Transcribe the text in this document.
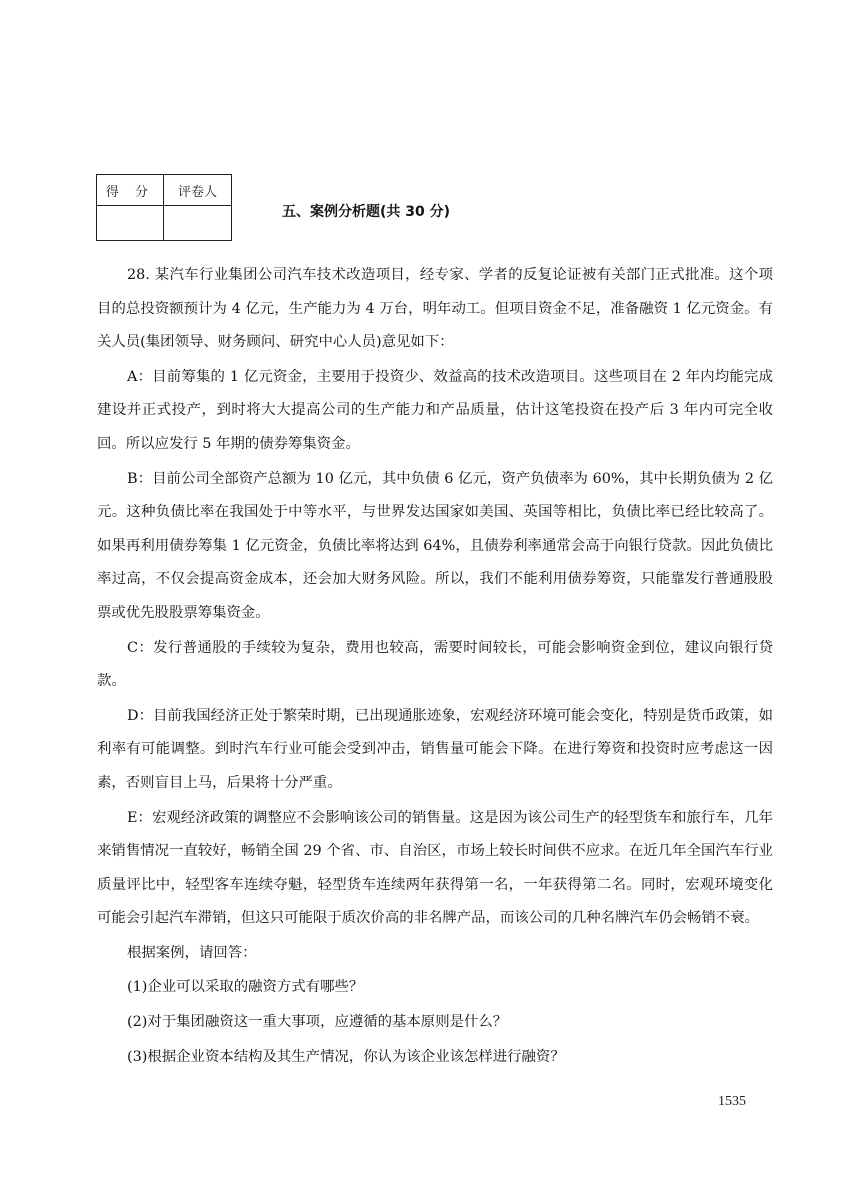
得 分	评卷人

五、案例分析题(共 30 分)

28. 某汽车行业集团公司汽车技术改造项目，经专家、学者的反复论证被有关部门正式批准。这个项目的总投资额预计为 4 亿元，生产能力为 4 万台，明年动工。但项目资金不足，准备融资 1 亿元资金。有关人员(集团领导、财务顾问、研究中心人员)意见如下：

A：目前筹集的 1 亿元资金，主要用于投资少、效益高的技术改造项目。这些项目在 2 年内均能完成建设并正式投产，到时将大大提高公司的生产能力和产品质量，估计这笔投资在投产后 3 年内可完全收回。所以应发行 5 年期的债券筹集资金。

B：目前公司全部资产总额为 10 亿元，其中负债 6 亿元，资产负债率为 60%，其中长期负债为 2 亿元。这种负债比率在我国处于中等水平，与世界发达国家如美国、英国等相比，负债比率已经比较高了。如果再利用债券筹集 1 亿元资金，负债比率将达到 64%，且债券利率通常会高于向银行贷款。因此负债比率过高，不仅会提高资金成本，还会加大财务风险。所以，我们不能利用债券筹资，只能靠发行普通股股票或优先股股票筹集资金。

C：发行普通股的手续较为复杂，费用也较高，需要时间较长，可能会影响资金到位，建议向银行贷款。

D：目前我国经济正处于繁荣时期，已出现通胀迹象，宏观经济环境可能会变化，特别是货币政策，如利率有可能调整。到时汽车行业可能会受到冲击，销售量可能会下降。在进行筹资和投资时应考虑这一因素，否则盲目上马，后果将十分严重。

E：宏观经济政策的调整应不会影响该公司的销售量。这是因为该公司生产的轻型货车和旅行车，几年来销售情况一直较好，畅销全国 29 个省、市、自治区，市场上较长时间供不应求。在近几年全国汽车行业质量评比中，轻型客车连续夺魁，轻型货车连续两年获得第一名，一年获得第二名。同时，宏观环境变化可能会引起汽车滞销，但这只可能限于质次价高的非名牌产品，而该公司的几种名牌汽车仍会畅销不衰。

根据案例，请回答：

(1)企业可以采取的融资方式有哪些？

(2)对于集团融资这一重大事项，应遵循的基本原则是什么？

(3)根据企业资本结构及其生产情况，你认为该企业该怎样进行融资？

1535
